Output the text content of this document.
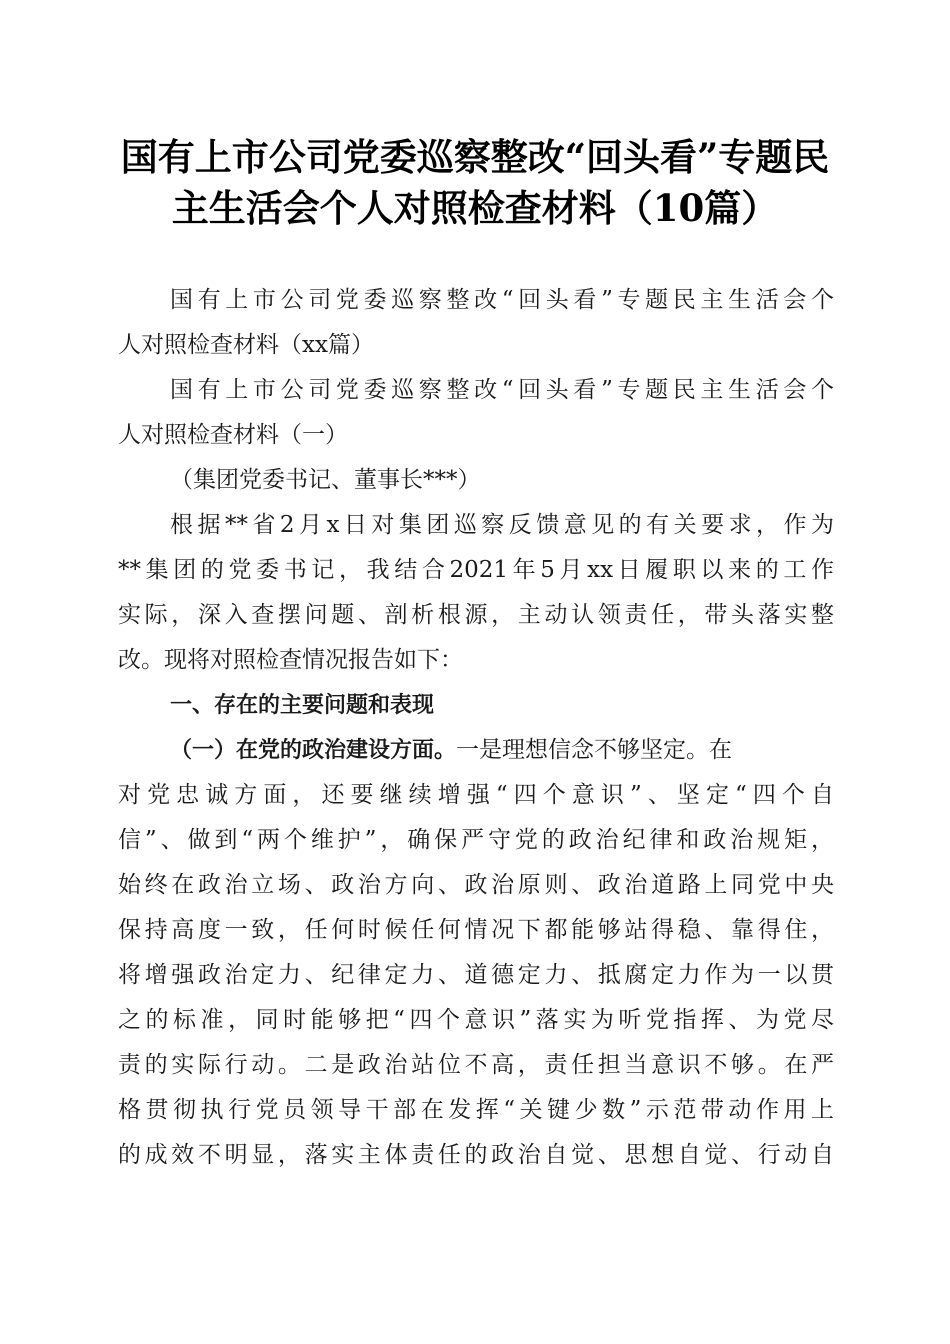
国有上市公司党委巡察整改“回头看”专题民
主生活会个人对照检查材料（10篇）
国有上市公司党委巡察整改“回头看”专题民主生活会个
人对照检查材料（xx篇）
国有上市公司党委巡察整改“回头看”专题民主生活会个
人对照检查材料（一）
（集团党委书记、董事长***）
根据**省2月x日对集团巡察反馈意见的有关要求，作为
**集团的党委书记，我结合2021年5月xx日履职以来的工作
实际，深入查摆问题、剖析根源，主动认领责任，带头落实整
改。现将对照检查情况报告如下：
一、存在的主要问题和表现
（一）在党的政治建设方面。一是理想信念不够坚定。在
对党忠诚方面，还要继续增强“四个意识”、坚定“四个自
信”、做到“两个维护”，确保严守党的政治纪律和政治规矩，
始终在政治立场、政治方向、政治原则、政治道路上同党中央
保持高度一致，任何时候任何情况下都能够站得稳、靠得住，
将增强政治定力、纪律定力、道德定力、抵腐定力作为一以贯
之的标准，同时能够把“四个意识”落实为听党指挥、为党尽
责的实际行动。二是政治站位不高，责任担当意识不够。在严
格贯彻执行党员领导干部在发挥“关键少数”示范带动作用上
的成效不明显，落实主体责任的政治自觉、思想自觉、行动自
